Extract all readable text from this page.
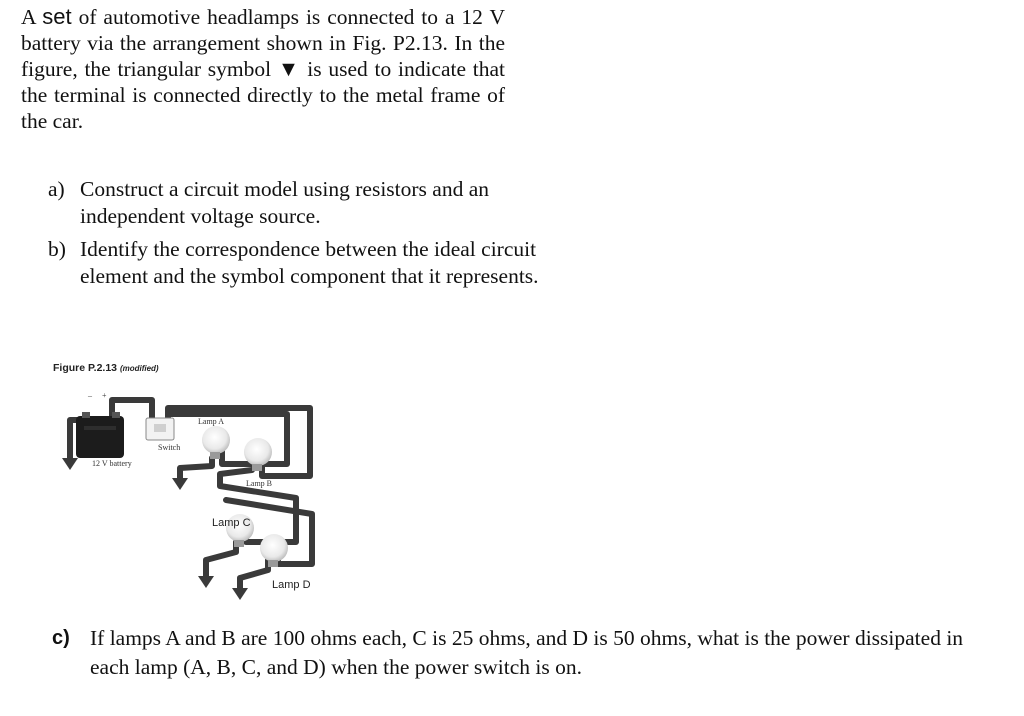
A set of automotive headlamps is connected to a 12 V battery via the arrangement shown in Fig. P2.13. In the figure, the triangular symbol ▼ is used to indicate that the terminal is connected directly to the metal frame of the car.

a) Construct a circuit model using resistors and an independent voltage source.
b) Identify the correspondence between the ideal circuit element and the symbol component that it represents.
Figure P.2.13 (modified)
– +
12 V battery
Switch
Lamp A
Lamp B
Lamp C
Lamp D
c) If lamps A and B are 100 ohms each, C is 25 ohms, and D is 50 ohms, what is the power dissipated in each lamp (A, B, C, and D) when the power switch is on.
